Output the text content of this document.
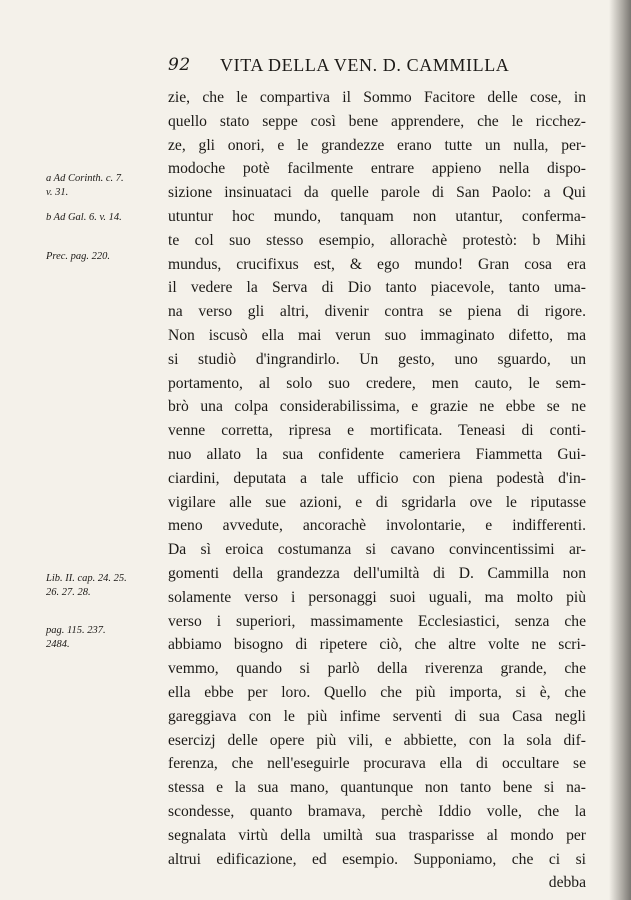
92 VITA DELLA VEN. D. CAMMILLA
a Ad Corinth. c. 7.
v. 31.
b Ad Gal. 6. v. 14.
Prec. pag. 220.
Lib. II. cap. 24. 25.
26. 27. 28.
pag. 115. 237.
2484.
zie, che le compartiva il Sommo Facitore delle cose, in
quello stato seppe così bene apprendere, che le ricchez-
ze, gli onori, e le grandezze erano tutte un nulla, per-
modoche potè facilmente entrare appieno nella dispo-
sizione insinuataci da quelle parole di San Paolo: a Qui
utuntur hoc mundo, tanquam non utantur, conferma-
te col suo stesso esempio, allorachè protestò: b Mihi
mundus, crucifixus est, & ego mundo! Gran cosa era
il vedere la Serva di Dio tanto piacevole, tanto uma-
na verso gli altri, divenir contra se piena di rigore.
Non iscusò ella mai verun suo immaginato difetto, ma
si studiò d'ingrandirlo. Un gesto, uno sguardo, un
portamento, al solo suo credere, men cauto, le sem-
brò una colpa considerabilissima, e grazie ne ebbe se ne
venne corretta, ripresa e mortificata. Teneasi di conti-
nuo allato la sua confidente cameriera Fiammetta Gui-
ciardini, deputata a tale ufficio con piena podestà d'in-
vigilare alle sue azioni, e di sgridarla ove le riputasse
meno avvedute, ancorachè involontarie, e indifferenti.
Da sì eroica costumanza si cavano convincentissimi ar-
gomenti della grandezza dell'umiltà di D. Cammilla non
solamente verso i personaggi suoi uguali, ma molto più
verso i superiori, massimamente Ecclesiastici, senza che
abbiamo bisogno di ripetere ciò, che altre volte ne scri-
vemmo, quando si parlò della riverenza grande, che
ella ebbe per loro. Quello che più importa, si è, che
gareggiava con le più infime serventi di sua Casa negli
esercizj delle opere più vili, e abbiette, con la sola dif-
ferenza, che nell'eseguirle procurava ella di occultare se
stessa e la sua mano, quantunque non tanto bene si na-
scondesse, quanto bramava, perchè Iddio volle, che la
segnalata virtù della umiltà sua trasparisse al mondo per
altrui edificazione, ed esempio. Supponiamo, che ci si
debba
